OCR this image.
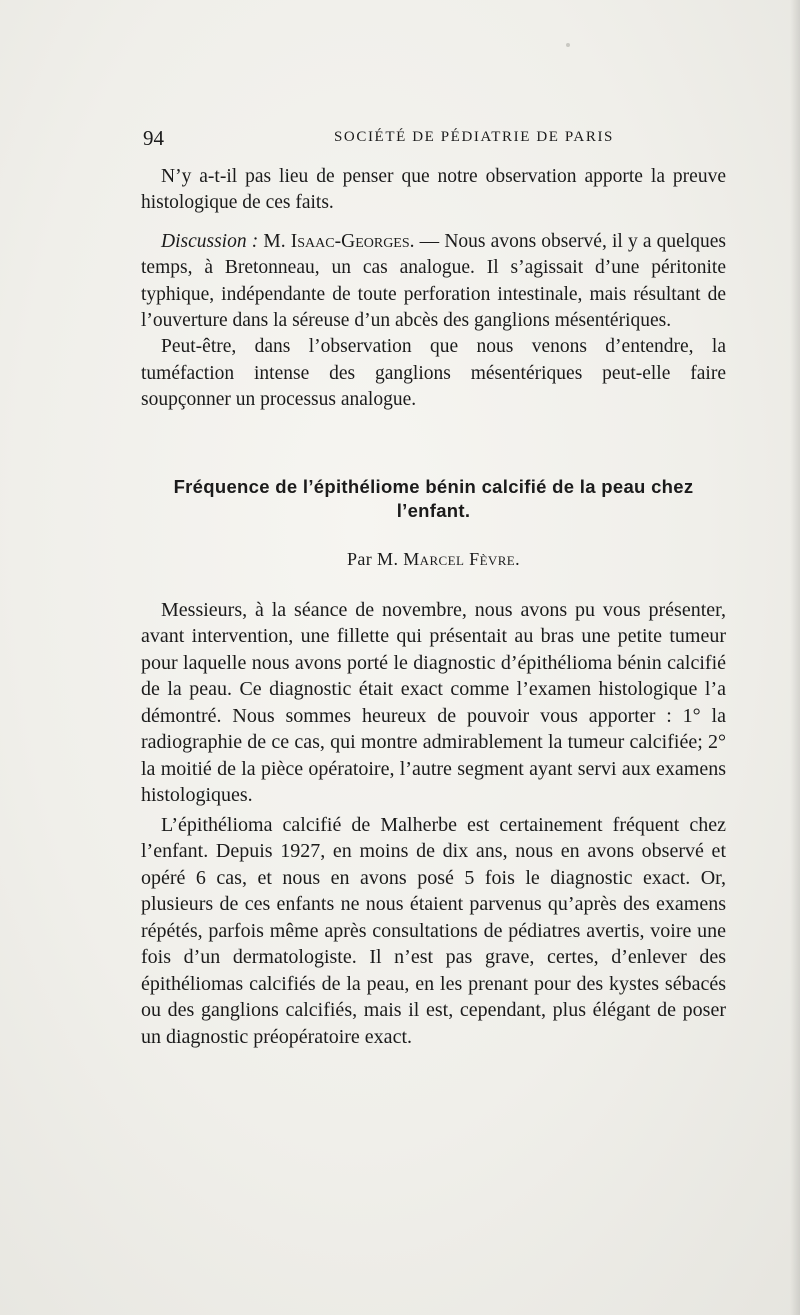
94	SOCIÉTÉ DE PÉDIATRIE DE PARIS

N’y a-t-il pas lieu de penser que notre observation apporte la preuve histologique de ces faits.

Discussion : M. Isaac-Georges. — Nous avons observé, il y a quelques temps, à Bretonneau, un cas analogue. Il s’agissait d’une péritonite typhique, indépendante de toute perforation intestinale, mais résultant de l’ouverture dans la séreuse d’un abcès des ganglions mésentériques.

Peut-être, dans l’observation que nous venons d’entendre, la tuméfaction intense des ganglions mésentériques peut-elle faire soupçonner un processus analogue.

Fréquence de l’épithéliome bénin calcifié de la peau chez l’enfant.

Par M. Marcel Fèvre.

Messieurs, à la séance de novembre, nous avons pu vous présenter, avant intervention, une fillette qui présentait au bras une petite tumeur pour laquelle nous avons porté le diagnostic d’épithélioma bénin calcifié de la peau. Ce diagnostic était exact comme l’examen histologique l’a démontré. Nous sommes heureux de pouvoir vous apporter : 1° la radiographie de ce cas, qui montre admirablement la tumeur calcifiée; 2° la moitié de la pièce opératoire, l’autre segment ayant servi aux examens histologiques.

L’épithélioma calcifié de Malherbe est certainement fréquent chez l’enfant. Depuis 1927, en moins de dix ans, nous en avons observé et opéré 6 cas, et nous en avons posé 5 fois le diagnostic exact. Or, plusieurs de ces enfants ne nous étaient parvenus qu’après des examens répétés, parfois même après consultations de pédiatres avertis, voire une fois d’un dermatologiste. Il n’est pas grave, certes, d’enlever des épithéliomas calcifiés de la peau, en les prenant pour des kystes sébacés ou des ganglions calcifiés, mais il est, cependant, plus élégant de poser un diagnostic préopératoire exact.
